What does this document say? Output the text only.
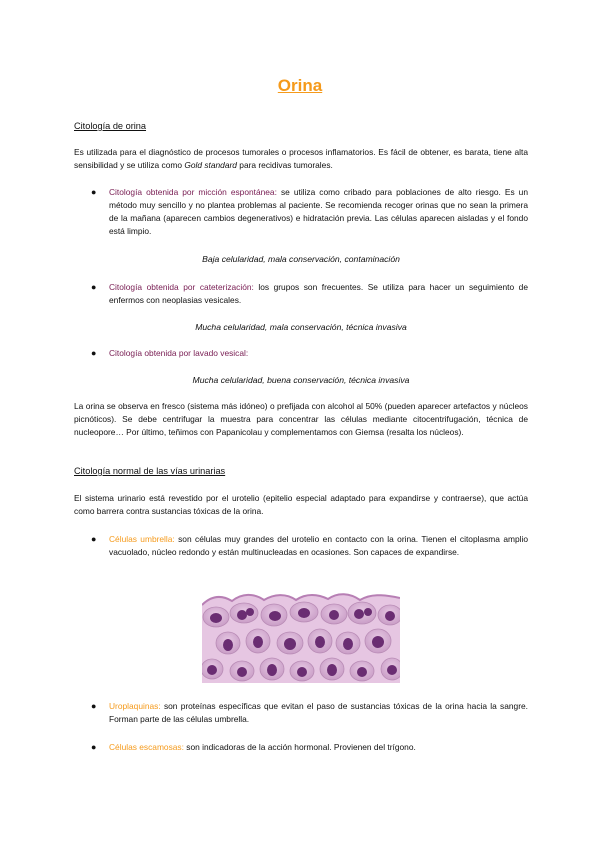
Orina
Citología de orina
Es utilizada para el diagnóstico de procesos tumorales o procesos inflamatorios. Es fácil de obtener, es barata, tiene alta sensibilidad y se utiliza como Gold standard para recidivas tumorales.
●	Citología obtenida por micción espontánea: se utiliza como cribado para poblaciones de alto riesgo. Es un método muy sencillo y no plantea problemas al paciente. Se recomienda recoger orinas que no sean la primera de la mañana (aparecen cambios degenerativos) e hidratación previa. Las células aparecen aisladas y el fondo está limpio.
Baja celularidad, mala conservación, contaminación
●	Citología obtenida por cateterización: los grupos son frecuentes. Se utiliza para hacer un seguimiento de enfermos con neoplasias vesicales.
Mucha celularidad, mala conservación, técnica invasiva
●	Citología obtenida por lavado vesical:
Mucha celularidad, buena conservación, técnica invasiva
La orina se observa en fresco (sistema más idóneo) o prefijada con alcohol al 50% (pueden aparecer artefactos y núcleos picnóticos). Se debe centrifugar la muestra para concentrar las células mediante citocentrifugación, técnica de nucleopore… Por último, teñimos con Papanicolau y complementamos con Giemsa (resalta los núcleos).
Citología normal de las vías urinarias
El sistema urinario está revestido por el urotelio (epitelio especial adaptado para expandirse y contraerse), que actúa como barrera contra sustancias tóxicas de la orina.
●	Células umbrella: son células muy grandes del urotelio en contacto con la orina. Tienen el citoplasma amplio vacuolado, núcleo redondo y están multinucleadas en ocasiones. Son capaces de expandirse.
●	Uroplaquinas: son proteínas específicas que evitan el paso de sustancias tóxicas de la orina hacia la sangre. Forman parte de las células umbrella.
●	Células escamosas: son indicadoras de la acción hormonal. Provienen del trígono.
